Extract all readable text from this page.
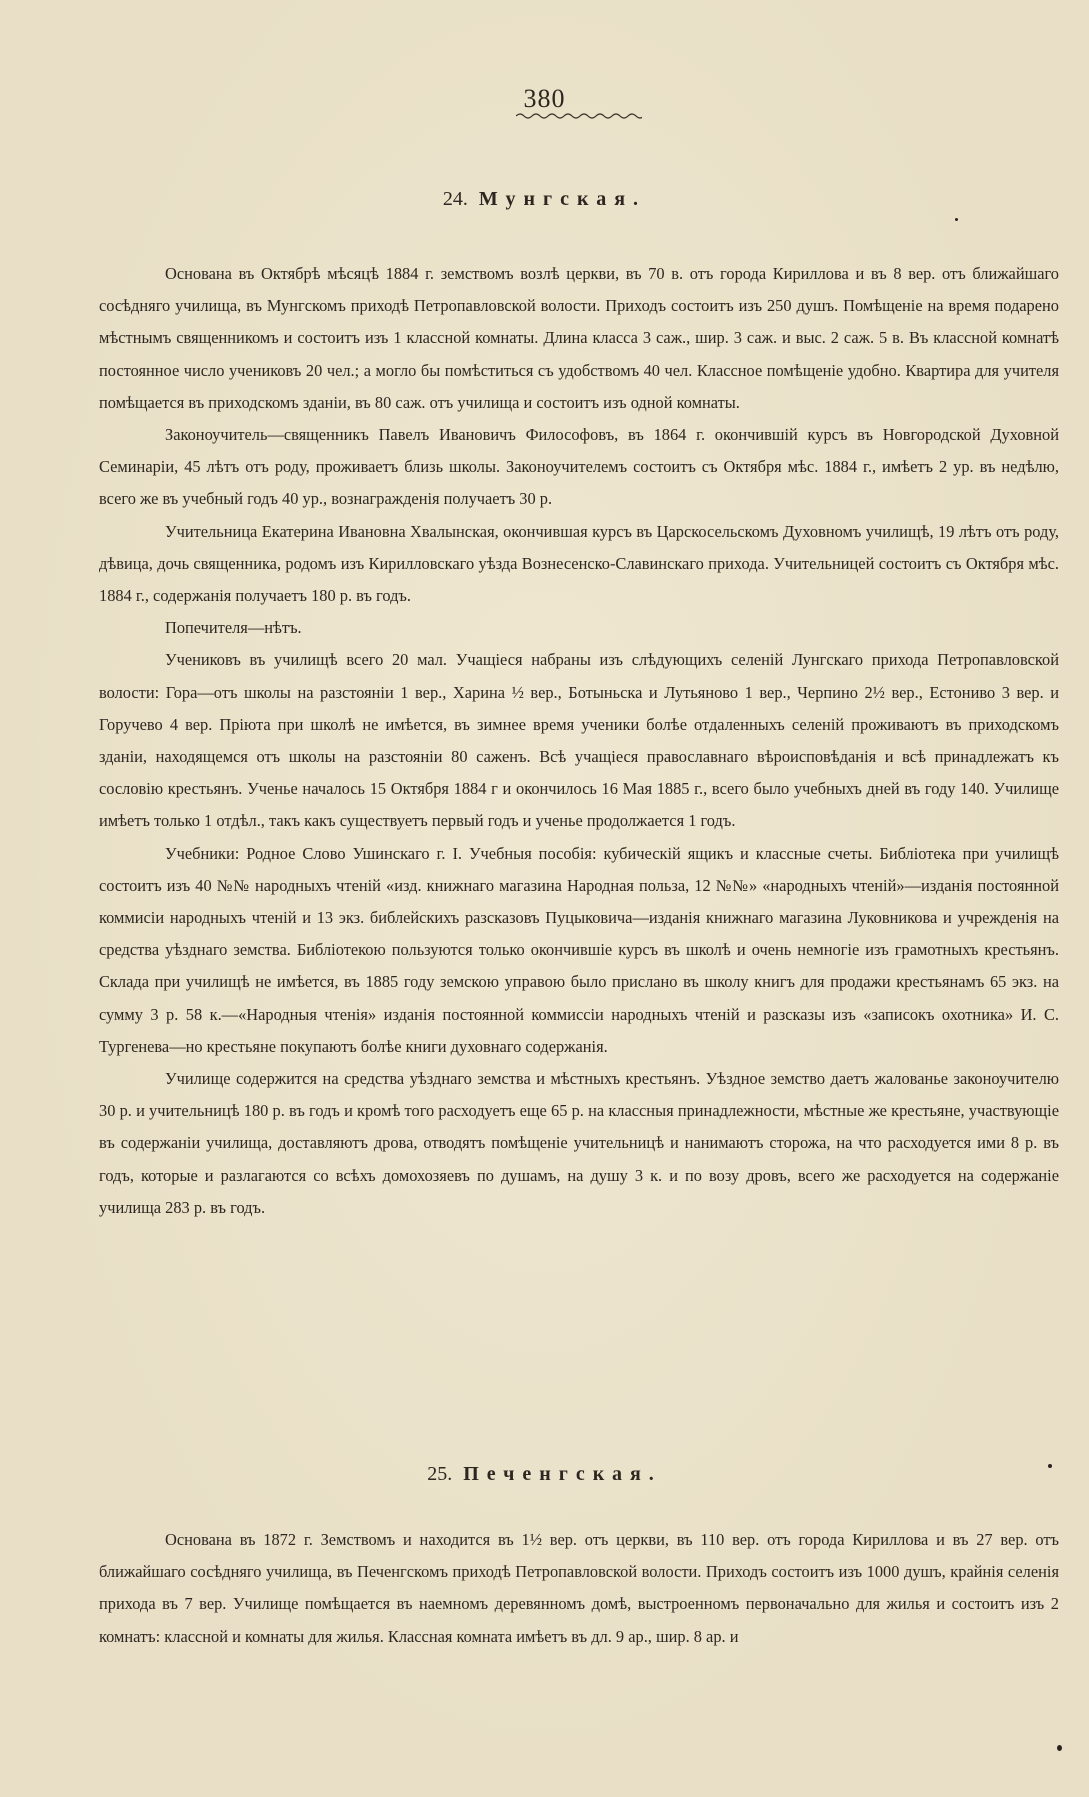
380
24. Мунгская.

Основана въ Октябрѣ мѣсяцѣ 1884 г. земствомъ возлѣ церкви, въ 70 в. отъ города Кириллова и въ 8 вер. отъ ближайшаго сосѣдняго училища, въ Мунгскомъ приходѣ Петропавловской волости. Приходъ состоитъ изъ 250 душъ. Помѣщеніе на время подарено мѣстнымъ священникомъ и состоитъ изъ 1 классной комнаты. Длина класса 3 саж., шир. 3 саж. и выс. 2 саж. 5 в. Въ классной комнатѣ постоянное число учениковъ 20 чел.; а могло бы помѣститься съ удобствомъ 40 чел. Классное помѣщеніе удобно. Квартира для учителя помѣщается въ приходскомъ зданіи, въ 80 саж. отъ училища и состоитъ изъ одной комнаты.

Законоучитель—священникъ Павелъ Ивановичъ Философовъ, въ 1864 г. окончившій курсъ въ Новгородской Духовной Семинаріи, 45 лѣтъ отъ роду, проживаетъ близь школы. Законоучителемъ состоитъ съ Октября мѣс. 1884 г., имѣетъ 2 ур. въ недѣлю, всего же въ учебный годъ 40 ур., вознагражденія получаетъ 30 р.

Учительница Екатерина Ивановна Хвалынская, окончившая курсъ въ Царскосельскомъ Духовномъ училищѣ, 19 лѣтъ отъ роду, дѣвица, дочь священника, родомъ изъ Кирилловскаго уѣзда Вознесенско-Славинскаго прихода. Учительницей состоитъ съ Октября мѣс. 1884 г., содержанія получаетъ 180 р. въ годъ.

Попечителя—нѣтъ.

Учениковъ въ училищѣ всего 20 мал. Учащіеся набраны изъ слѣдующихъ селеній Лунгскаго прихода Петропавловской волости: Гора—отъ школы на разстояніи 1 вер., Харина ½ вер., Ботыньска и Лутьяново 1 вер., Черпино 2½ вер., Естониво 3 вер. и Горучево 4 вер. Пріюта при школѣ не имѣется, въ зимнее время ученики болѣе отдаленныхъ селеній проживаютъ въ приходскомъ зданіи, находящемся отъ школы на разстояніи 80 саженъ. Всѣ учащіеся православнаго вѣроисповѣданія и всѣ принадлежатъ къ сословію крестьянъ. Ученье началось 15 Октября 1884 г и окончилось 16 Мая 1885 г., всего было учебныхъ дней въ году 140. Училище имѣетъ только 1 отдѣл., такъ какъ существуетъ первый годъ и ученье продолжается 1 годъ.

Учебники: Родное Слово Ушинскаго г. I. Учебныя пособія: кубическій ящикъ и классные счеты. Библіотека при училищѣ состоитъ изъ 40 №№ народныхъ чтеній «изд. книжнаго магазина Народная польза, 12 №№» «народныхъ чтеній»—изданія постоянной коммисіи народныхъ чтеній и 13 экз. библейскихъ разсказовъ Пуцыковича—изданія книжнаго магазина Луковникова и учрежденія на средства уѣзднаго земства. Библіотекою пользуются только окончившіе курсъ въ школѣ и очень немногіе изъ грамотныхъ крестьянъ. Склада при училищѣ не имѣется, въ 1885 году земскою управою было прислано въ школу книгъ для продажи крестьянамъ 65 экз. на сумму 3 р. 58 к.—«Народныя чтенія» изданія постоянной коммиссіи народныхъ чтеній и разсказы изъ «записокъ охотника» И. С. Тургенева—но крестьяне покупаютъ болѣе книги духовнаго содержанія.

Училище содержится на средства уѣзднаго земства и мѣстныхъ крестьянъ. Уѣздное земство даетъ жалованье законоучителю 30 р. и учительницѣ 180 р. въ годъ и кромѣ того расходуетъ еще 65 р. на классныя принадлежности, мѣстные же крестьяне, участвующіе въ содержаніи училища, доставляютъ дрова, отводятъ помѣщеніе учительницѣ и нанимаютъ сторожа, на что расходуется ими 8 р. въ годъ, которые и разлагаются со всѣхъ домохозяевъ по душамъ, на душу 3 к. и по возу дровъ, всего же расходуется на содержаніе училища 283 р. въ годъ.

25. Печенгская.

Основана въ 1872 г. Земствомъ и находится въ 1½ вер. отъ церкви, въ 110 вер. отъ города Кириллова и въ 27 вер. отъ ближайшаго сосѣдняго училища, въ Печенгскомъ приходѣ Петропавловской волости. Приходъ состоитъ изъ 1000 душъ, крайнія селенія прихода въ 7 вер. Училище помѣщается въ наемномъ деревянномъ домѣ, выстроенномъ первоначально для жилья и состоитъ изъ 2 комнатъ: классной и комнаты для жилья. Классная комната имѣетъ въ дл. 9 ар., шир. 8 ар. и
